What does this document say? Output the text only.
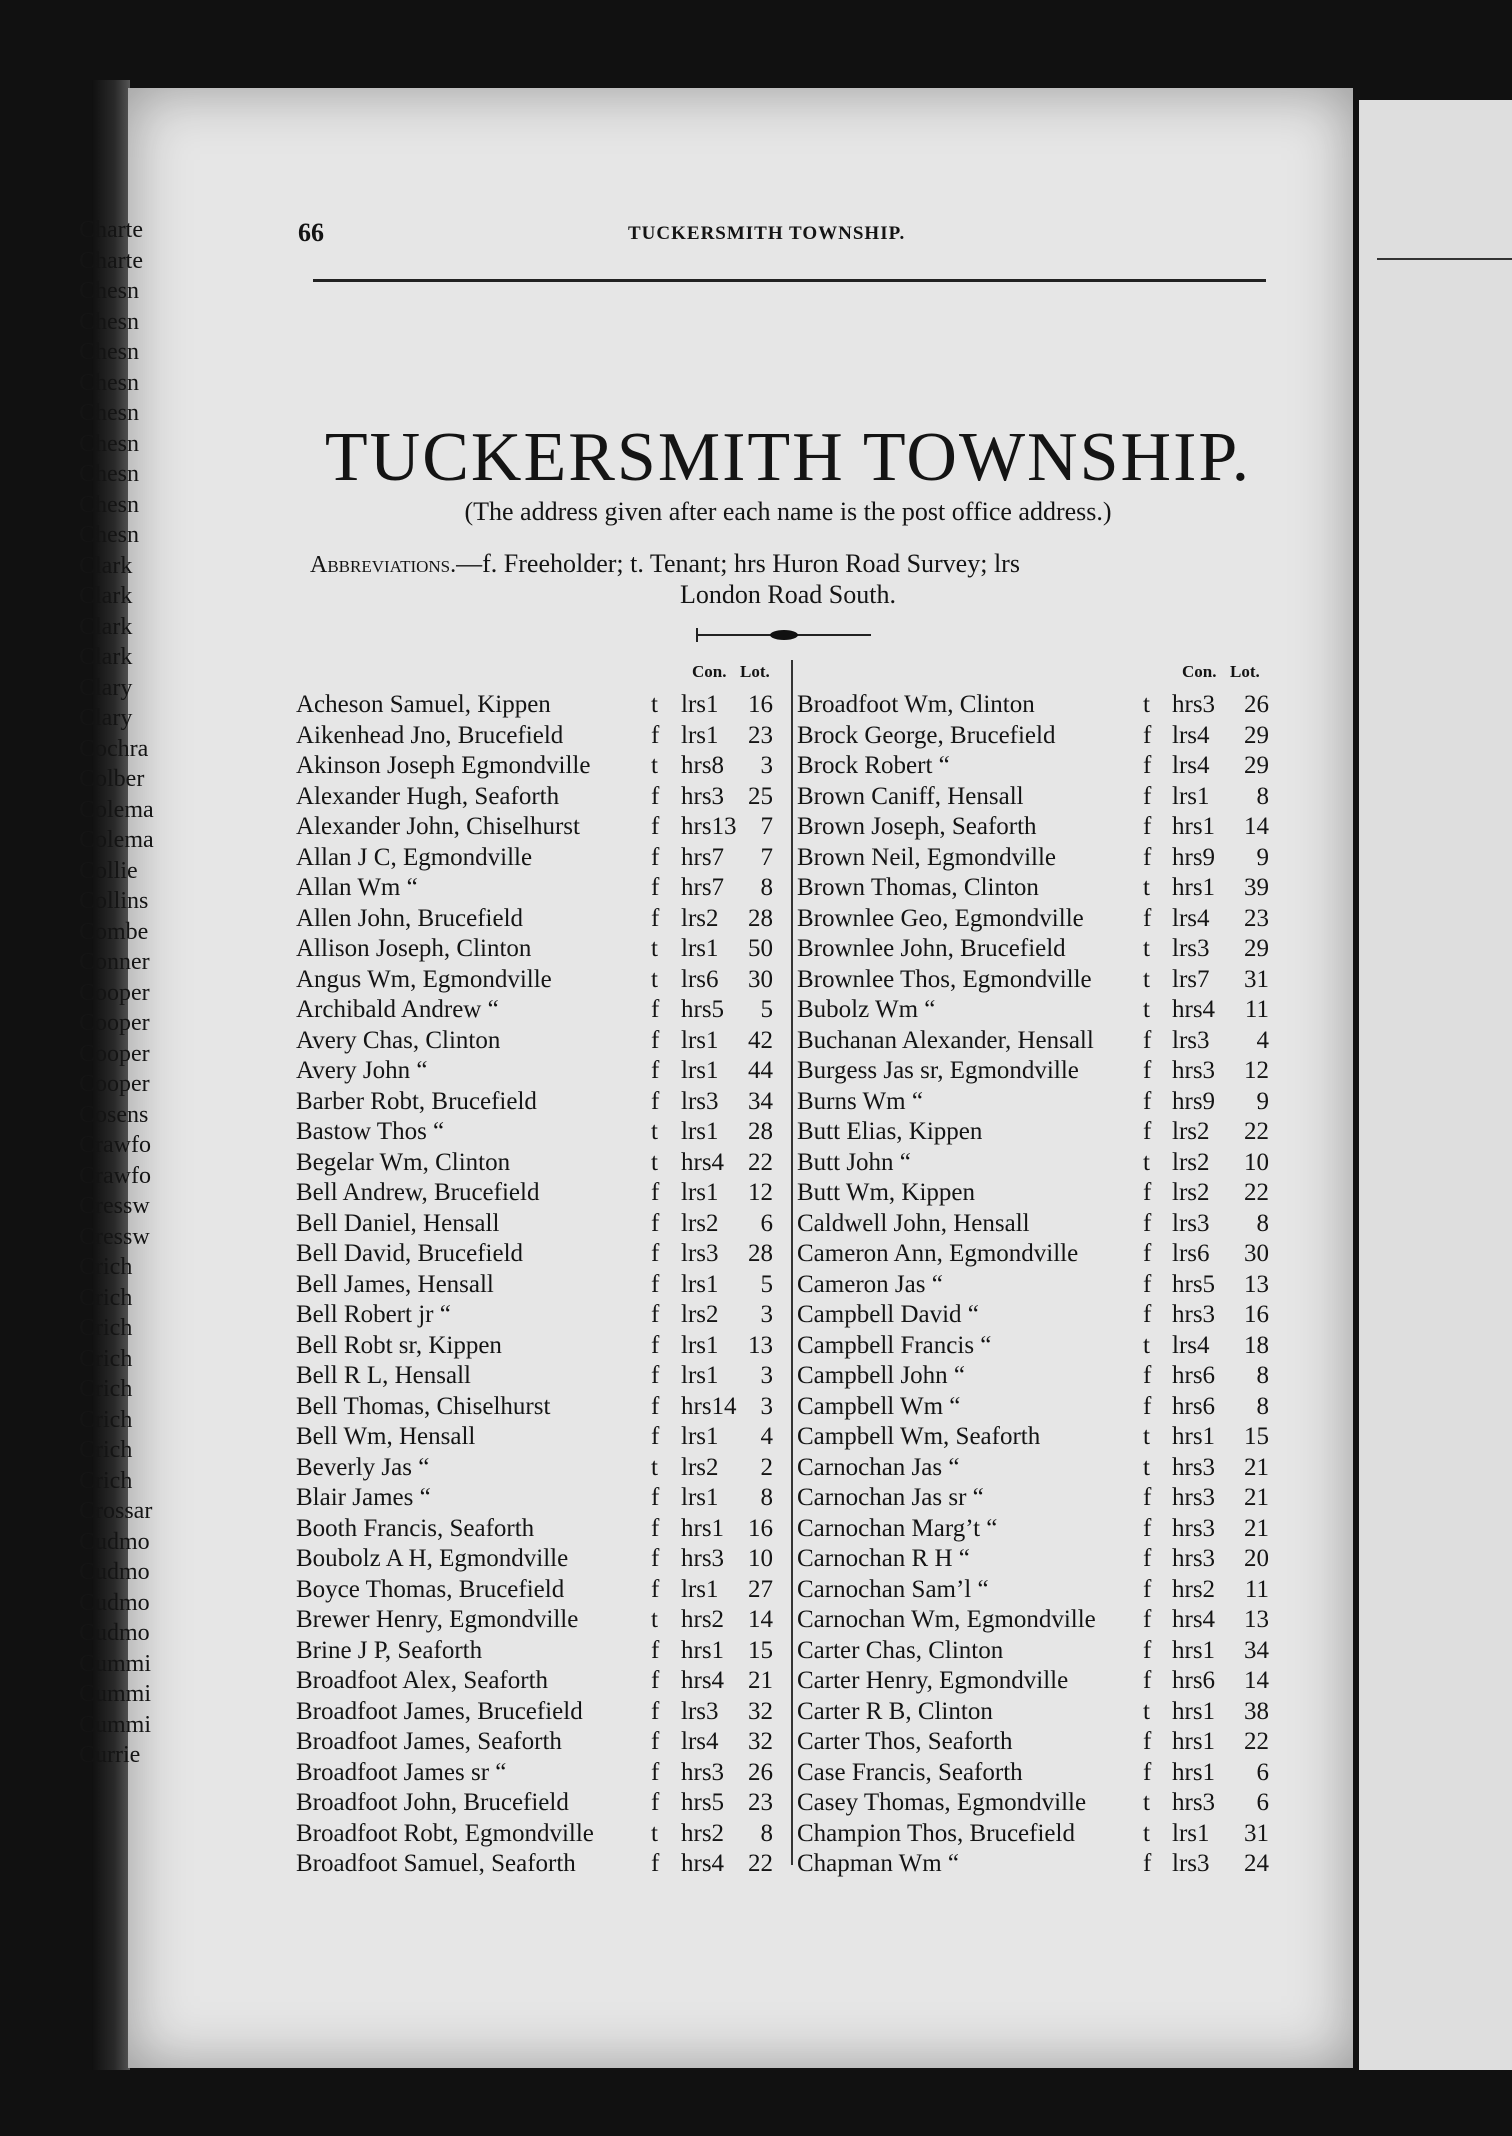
Charte
Charte
Chesn
Chesn
Chesn
Chesn
Chesn
Chesn
Chesn
Chesn
Chesn
Clark
Clark
Clark
Clark
Clary
Clary
Cochra
Colber
Colema
Colema
Collie
Collins
Combe
Conner
Cooper
Cooper
Cooper
Cooper
Cosens
Crawfo
Crawfo
Cressw
Cressw
Crich
Crich
Crich
Crich
Crich
Crich
Crich
Crich
Crossar
Cudmo
Cudmo
Cudmo
Cudmo
Cummi
Cummi
Cummi
Currie
66	TUCKERSMITH TOWNSHIP.
TUCKERSMITH TOWNSHIP.
(The address given after each name is the post office address.)
Abbreviations.—f. Freeholder; t. Tenant; hrs Huron Road Survey; lrs
London Road South.
Con. Lot.	Con. Lot.
Acheson Samuel, Kippen	t lrs1	16
Aikenhead Jno, Brucefield	f lrs1	23
Akinson Joseph Egmondville t hrs8	3
Alexander Hugh, Seaforth	f hrs3 25
Alexander John, Chiselhurst	f hrs13 7
Allan J C, Egmondville	f hrs7	7
Allan Wm “	f hrs7	8
Allen John, Brucefield	f lrs2	28
Allison Joseph, Clinton	t lrs1	50
Angus Wm, Egmondville	t lrs6	30
Archibald Andrew “	f hrs5	5
Avery Chas, Clinton	f lrs1	42
Avery John “	f lrs1	44
Barber Robt, Brucefield	f lrs3	34
Bastow Thos “	t lrs1	28
Begelar Wm, Clinton	t hrs4 22
Bell Andrew, Brucefield	f lrs1	12
Bell Daniel, Hensall	f lrs2	6
Bell David, Brucefield	f lrs3	28
Bell James, Hensall	f lrs1	5
Bell Robert jr “	f lrs2	3
Bell Robt sr, Kippen	f lrs1	13
Bell R L, Hensall	f lrs1	3
Bell Thomas, Chiselhurst	f hrs14 3
Bell Wm, Hensall	f lrs1	4
Beverly Jas “	t lrs2	2
Blair James “	f lrs1	8
Booth Francis, Seaforth	f hrs1 16
Boubolz A H, Egmondville	f hrs3 10
Boyce Thomas, Brucefield	f lrs1	27
Brewer Henry, Egmondville	t hrs2 14
Brine J P, Seaforth	f hrs1 15
Broadfoot Alex, Seaforth	f hrs4 21
Broadfoot James, Brucefield	f lrs3	32
Broadfoot James, Seaforth	f lrs4	32
Broadfoot James sr “	f hrs3 26
Broadfoot John, Brucefield	f hrs5 23
Broadfoot Robt, Egmondville t hrs2	8
Broadfoot Samuel, Seaforth	f hrs4 22
Broadfoot Wm, Clinton	t hrs3	26
Brock George, Brucefield	f lrs4	29
Brock Robert “	f lrs4	29
Brown Caniff, Hensall	f lrs1	8
Brown Joseph, Seaforth	f hrs1	14
Brown Neil, Egmondville	f hrs9	9
Brown Thomas, Clinton	t hrs1	39
Brownlee Geo, Egmondville f lrs4	23
Brownlee John, Brucefield	t lrs3	29
Brownlee Thos, Egmondville t lrs7	31
Bubolz Wm “	t hrs4	11
Buchanan Alexander, Hensall f lrs3	4
Burgess Jas sr, Egmondville	f hrs3	12
Burns Wm “	f hrs9	9
Butt Elias, Kippen	f lrs2	22
Butt John “	t lrs2	10
Butt Wm, Kippen	f lrs2	22
Caldwell John, Hensall	f lrs3	8
Cameron Ann, Egmondville	f lrs6	30
Cameron Jas “	f hrs5	13
Campbell David “	f hrs3	16
Campbell Francis “	t lrs4	18
Campbell John “	f hrs6	8
Campbell Wm “	f hrs6	8
Campbell Wm, Seaforth	t hrs1	15
Carnochan Jas “	t hrs3	21
Carnochan Jas sr “	f hrs3	21
Carnochan Marg’t “	f hrs3	21
Carnochan R H “	f hrs3	20
Carnochan Sam’l “	f hrs2	11
Carnochan Wm, Egmondville f hrs4	13
Carter Chas, Clinton	f hrs1	34
Carter Henry, Egmondville	f hrs6	14
Carter R B, Clinton	t hrs1	38
Carter Thos, Seaforth	f hrs1	22
Case Francis, Seaforth	f hrs1	6
Casey Thomas, Egmondville t hrs3	6
Champion Thos, Brucefield	t lrs1	31
Chapman Wm “	f lrs3	24
